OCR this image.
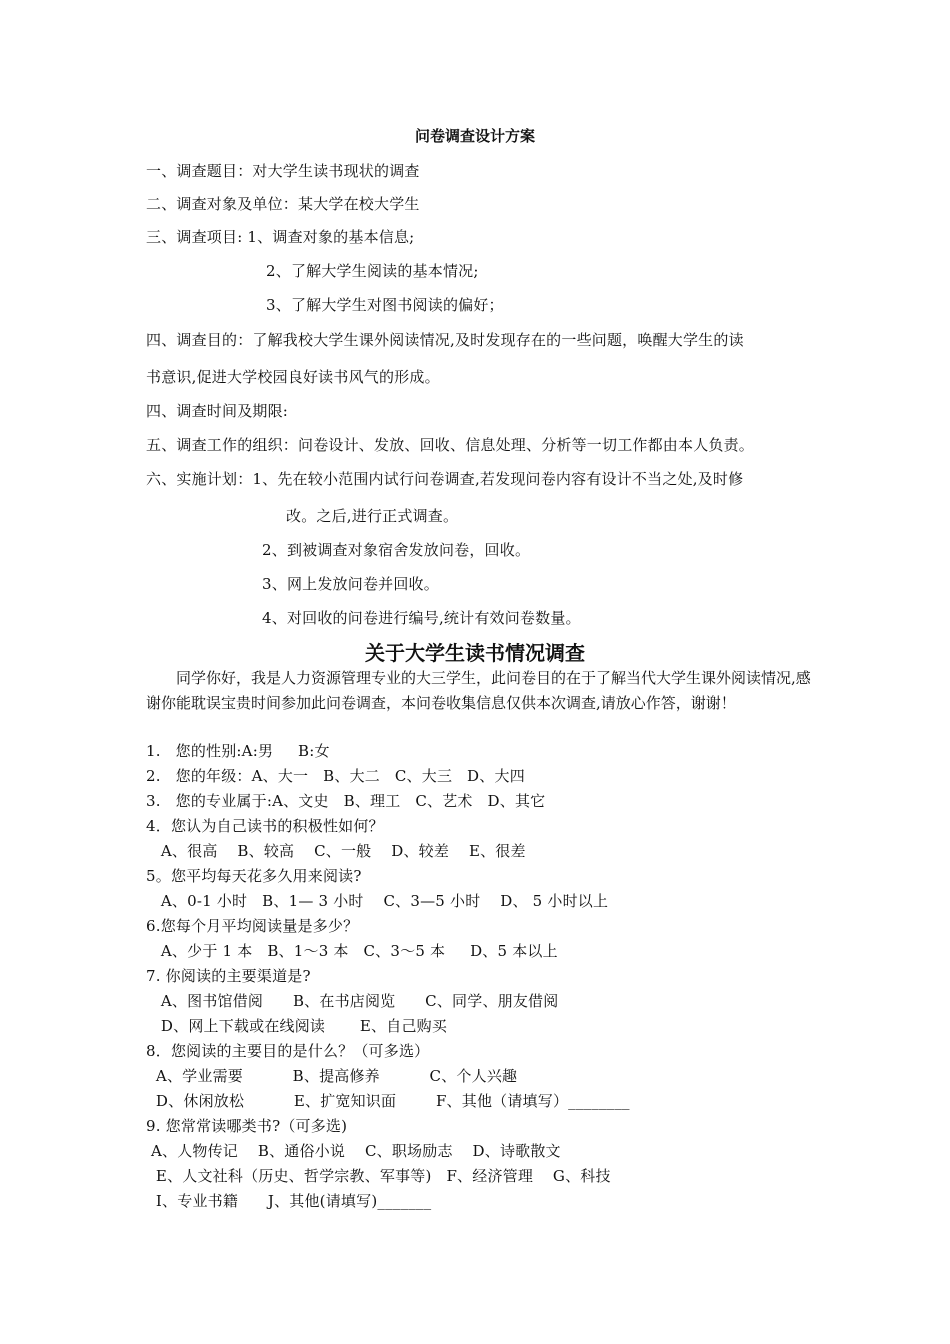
问卷调查设计方案
一、调查题目：对大学生读书现状的调查
二、调查对象及单位：某大学在校大学生
三、调查项目: 1、调查对象的基本信息;
2、了解大学生阅读的基本情况;
3、了解大学生对图书阅读的偏好；
四、调查目的：了解我校大学生课外阅读情况,及时发现存在的一些问题，唤醒大学生的读
书意识,促进大学校园良好读书风气的形成。
四、调查时间及期限:
五、调查工作的组织：问卷设计、发放、回收、信息处理、分析等一切工作都由本人负责。
六、实施计划：1、先在较小范围内试行问卷调查,若发现问卷内容有设计不当之处,及时修
改。之后,进行正式调查。
2、到被调查对象宿舍发放问卷，回收。
3、网上发放问卷并回收。
4、对回收的问卷进行编号,统计有效问卷数量。
关于大学生读书情况调查
同学你好，我是人力资源管理专业的大三学生，此问卷目的在于了解当代大学生课外阅读情况,感谢你能耽误宝贵时间参加此问卷调查，本问卷收集信息仅供本次调查,请放心作答，谢谢！
1.   您的性别:A:男     B:女
2.   您的年级：A、大一   B、大二   C、大三   D、大四
3.   您的专业属于:A、文史   B、理工   C、艺术   D、其它
4．您认为自己读书的积极性如何？
A、很高    B、较高    C、一般    D、较差    E、很差
5。您平均每天花多久用来阅读?
A、0-1 小时   B、1— 3 小时    C、3—5 小时    D、 5 小时以上
6.您每个月平均阅读量是多少？
A、少于 1 本   B、1～3 本   C、3～5 本     D、5 本以上
7. 你阅读的主要渠道是?
A、图书馆借阅      B、在书店阅览      C、同学、朋友借阅
D、网上下载或在线阅读       E、自己购买
8．您阅读的主要目的是什么？（可多选）
A、学业需要          B、提高修养          C、个人兴趣
D、休闲放松          E、扩宽知识面        F、其他（请填写）________
9. 您常常读哪类书?（可多选)
A、人物传记    B、通俗小说    C、职场励志    D、诗歌散文
E、人文社科（历史、哲学宗教、军事等)   F、经济管理    G、科技
I、专业书籍      J、其他(请填写)_______
